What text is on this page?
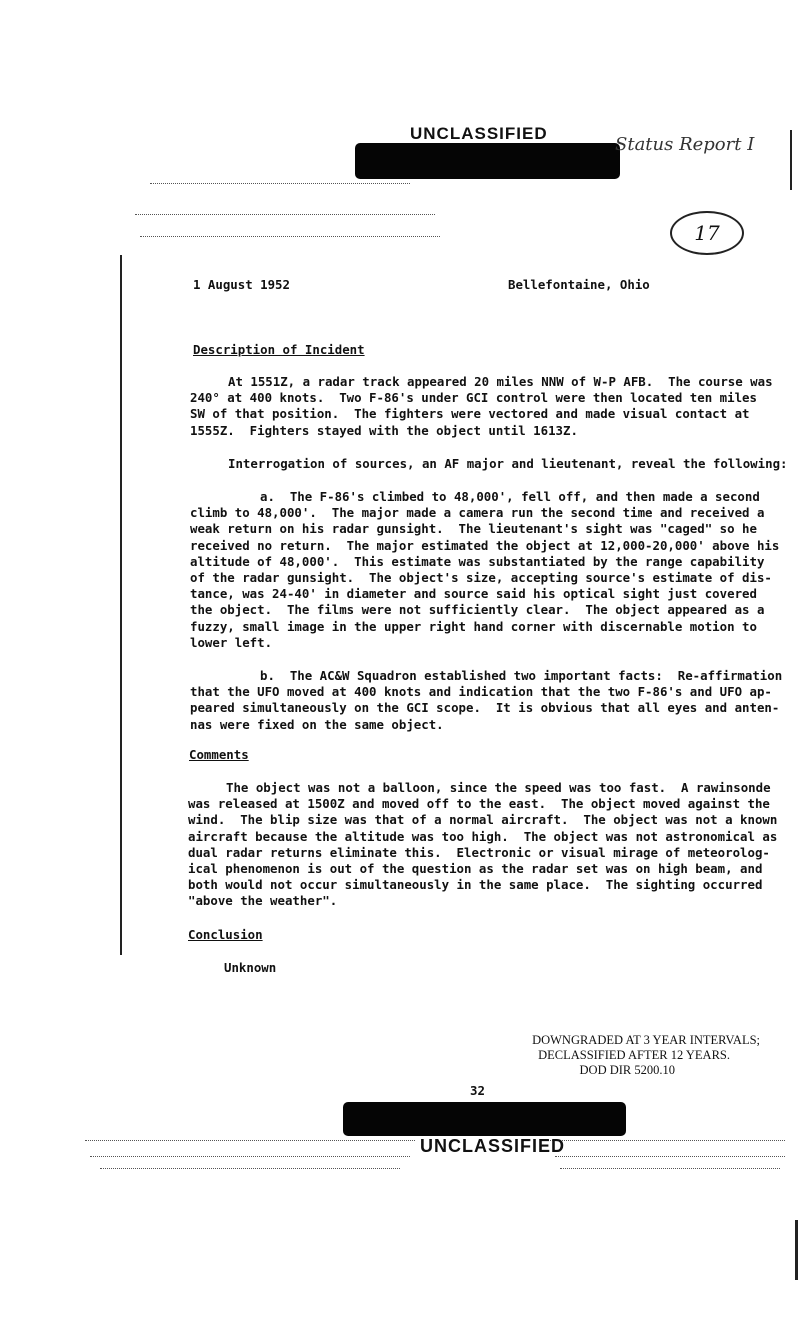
UNCLASSIFIED
Status Report I
17
1 August 1952	Bellefontaine, Ohio
Description of Incident
At 1551Z, a radar track appeared 20 miles NNW of W-P AFB.  The course was
240° at 400 knots.  Two F-86's under GCI control were then located ten miles
SW of that position.  The fighters were vectored and made visual contact at
1555Z.  Fighters stayed with the object until 1613Z.
Interrogation of sources, an AF major and lieutenant, reveal the following:
a.  The F-86's climbed to 48,000', fell off, and then made a second
climb to 48,000'.  The major made a camera run the second time and received a
weak return on his radar gunsight.  The lieutenant's sight was "caged" so he
received no return.  The major estimated the object at 12,000-20,000' above his
altitude of 48,000'.  This estimate was substantiated by the range capability
of the radar gunsight.  The object's size, accepting source's estimate of dis-
tance, was 24-40' in diameter and source said his optical sight just covered
the object.  The films were not sufficiently clear.  The object appeared as a
fuzzy, small image in the upper right hand corner with discernable motion to
lower left.
b.  The AC&W Squadron established two important facts:  Re-affirmation
that the UFO moved at 400 knots and indication that the two F-86's and UFO ap-
peared simultaneously on the GCI scope.  It is obvious that all eyes and anten-
nas were fixed on the same object.
Comments
The object was not a balloon, since the speed was too fast.  A rawinsonde
was released at 1500Z and moved off to the east.  The object moved against the
wind.  The blip size was that of a normal aircraft.  The object was not a known
aircraft because the altitude was too high.  The object was not astronomical as
dual radar returns eliminate this.  Electronic or visual mirage of meteorolog-
ical phenomenon is out of the question as the radar set was on high beam, and
both would not occur simultaneously in the same place.  The sighting occurred
"above the weather".
Conclusion
Unknown
DOWNGRADED AT 3 YEAR INTERVALS;
DECLASSIFIED AFTER 12 YEARS.
DOD DIR 5200.10
32
UNCLASSIFIED
